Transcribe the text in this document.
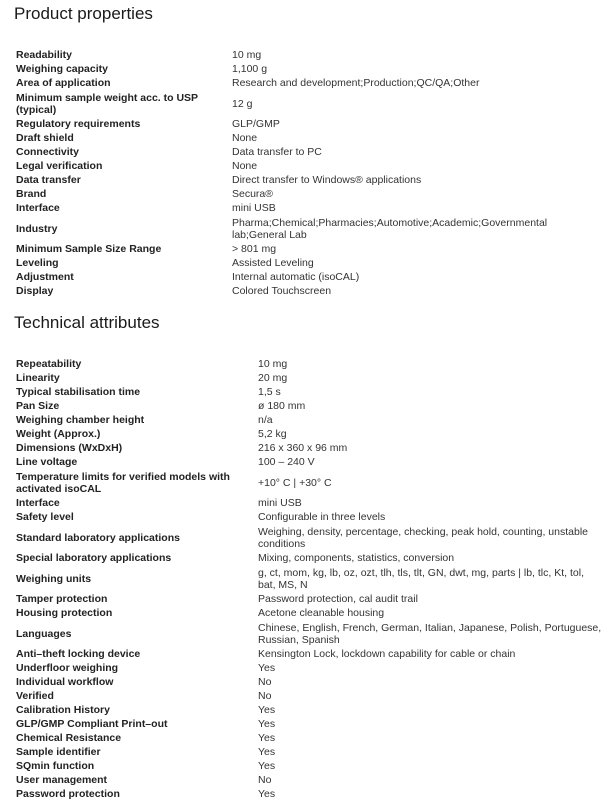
Product properties
Readability	10 mg
Weighing capacity	1,100 g
Area of application	Research and development;Production;QC/QA;Other
Minimum sample weight acc. to USP (typical)	12 g
Regulatory requirements	GLP/GMP
Draft shield	None
Connectivity	Data transfer to PC
Legal verification	None
Data transfer	Direct transfer to Windows® applications
Brand	Secura®
Interface	mini USB
Industry	Pharma;Chemical;Pharmacies;Automotive;Academic;Governmental lab;General Lab
Minimum Sample Size Range	> 801 mg
Leveling	Assisted Leveling
Adjustment	Internal automatic (isoCAL)
Display	Colored Touchscreen
Technical attributes
Repeatability	10 mg
Linearity	20 mg
Typical stabilisation time	1,5 s
Pan Size	ø 180 mm
Weighing chamber height	n/a
Weight (Approx.)	5,2 kg
Dimensions (WxDxH)	216 x 360 x 96 mm
Line voltage	100 – 240 V
Temperature limits for verified models with activated isoCAL	+10° C | +30° C
Interface	mini USB
Safety level	Configurable in three levels
Standard laboratory applications	Weighing, density, percentage, checking, peak hold, counting, unstable conditions
Special laboratory applications	Mixing, components, statistics, conversion
Weighing units	g, ct, mom, kg, lb, oz, ozt, tlh, tls, tlt, GN, dwt, mg, parts | lb, tlc, Kt, tol, bat, MS, N
Tamper protection	Password protection, cal audit trail
Housing protection	Acetone cleanable housing
Languages	Chinese, English, French, German, Italian, Japanese, Polish, Portuguese, Russian, Spanish
Anti–theft locking device	Kensington Lock, lockdown capability for cable or chain
Underfloor weighing	Yes
Individual workflow	No
Verified	No
Calibration History	Yes
GLP/GMP Compliant Print–out	Yes
Chemical Resistance	Yes
Sample identifier	Yes
SQmin function	Yes
User management	No
Password protection	Yes
